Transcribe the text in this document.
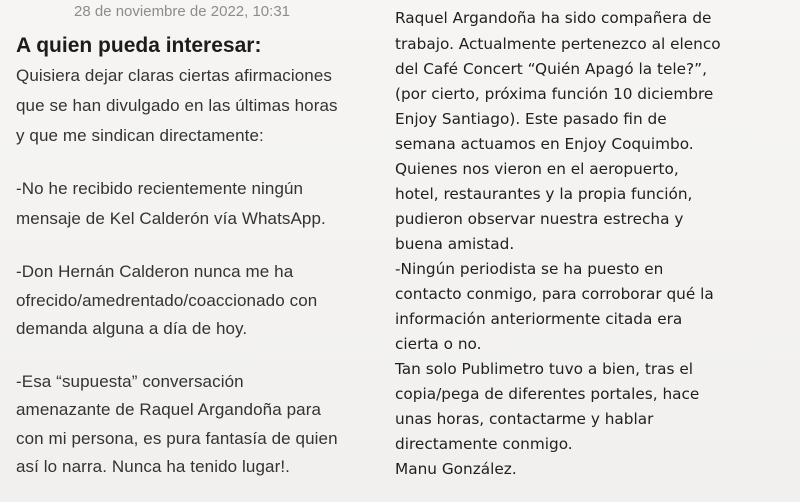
28 de noviembre de 2022, 10:31
A quien pueda interesar:
Quisiera dejar claras ciertas afirmaciones
que se han divulgado en las últimas horas
y que me sindican directamente:
-No he recibido recientemente ningún
mensaje de Kel Calderón vía WhatsApp.
-Don Hernán Calderon nunca me ha
ofrecido/amedrentado/coaccionado con
demanda alguna a día de hoy.
-Esa “supuesta” conversación
amenazante de Raquel Argandoña para
con mi persona, es pura fantasía de quien
así lo narra. Nunca ha tenido lugar!.
Raquel Argandoña ha sido compañera de
trabajo. Actualmente pertenezco al elenco
del Café Concert “Quién Apagó la tele?”,
(por cierto, próxima función 10 diciembre
Enjoy Santiago). Este pasado fin de
semana actuamos en Enjoy Coquimbo.
Quienes nos vieron en el aeropuerto,
hotel, restaurantes y la propia función,
pudieron observar nuestra estrecha y
buena amistad.
-Ningún periodista se ha puesto en
contacto conmigo, para corroborar qué la
información anteriormente citada era
cierta o no.
Tan solo Publimetro tuvo a bien, tras el
copia/pega de diferentes portales, hace
unas horas, contactarme y hablar
directamente conmigo.
Manu González.
